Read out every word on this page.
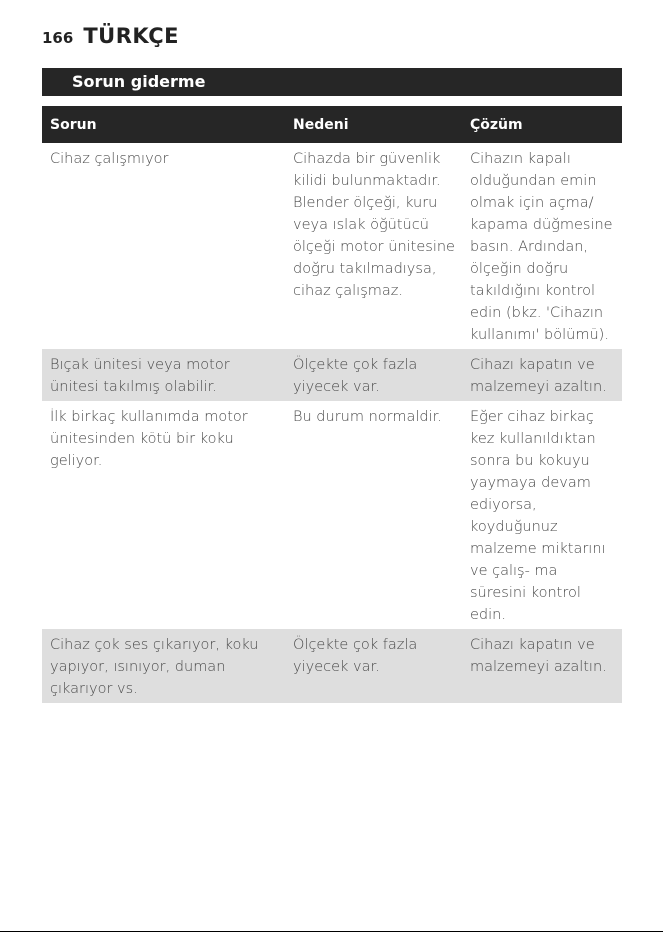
166 TÜRKÇE
Sorun giderme
Sorun	Nedeni	Çözüm
Cihaz çalışmıyor	Cihazda bir güvenlik kilidi bulunmaktadır. Blender ölçeği, kuru veya ıslak öğütücü ölçeği motor ünitesine doğru takılmadıysa, cihaz çalışmaz.	Cihazın kapalı olduğundan emin olmak için açma/ kapama düğmesine basın. Ardından, ölçeğin doğru takıldığını kontrol edin (bkz. 'Cihazın kullanımı' bölümü).
Bıçak ünitesi veya motor ünitesi takılmış olabilir.	Ölçekte çok fazla yiyecek var.	Cihazı kapatın ve malzemeyi azaltın.
İlk birkaç kullanımda motor ünitesinden kötü bir koku geliyor.	Bu durum normaldir.	Eğer cihaz birkaç kez kullanıldıktan sonra bu kokuyu yaymaya devam ediyorsa, koyduğunuz malzeme miktarını ve çalış- ma süresini kontrol edin.
Cihaz çok ses çıkarıyor, koku yapıyor, ısınıyor, duman çıkarıyor vs.	Ölçekte çok fazla yiyecek var.	Cihazı kapatın ve malzemeyi azaltın.
